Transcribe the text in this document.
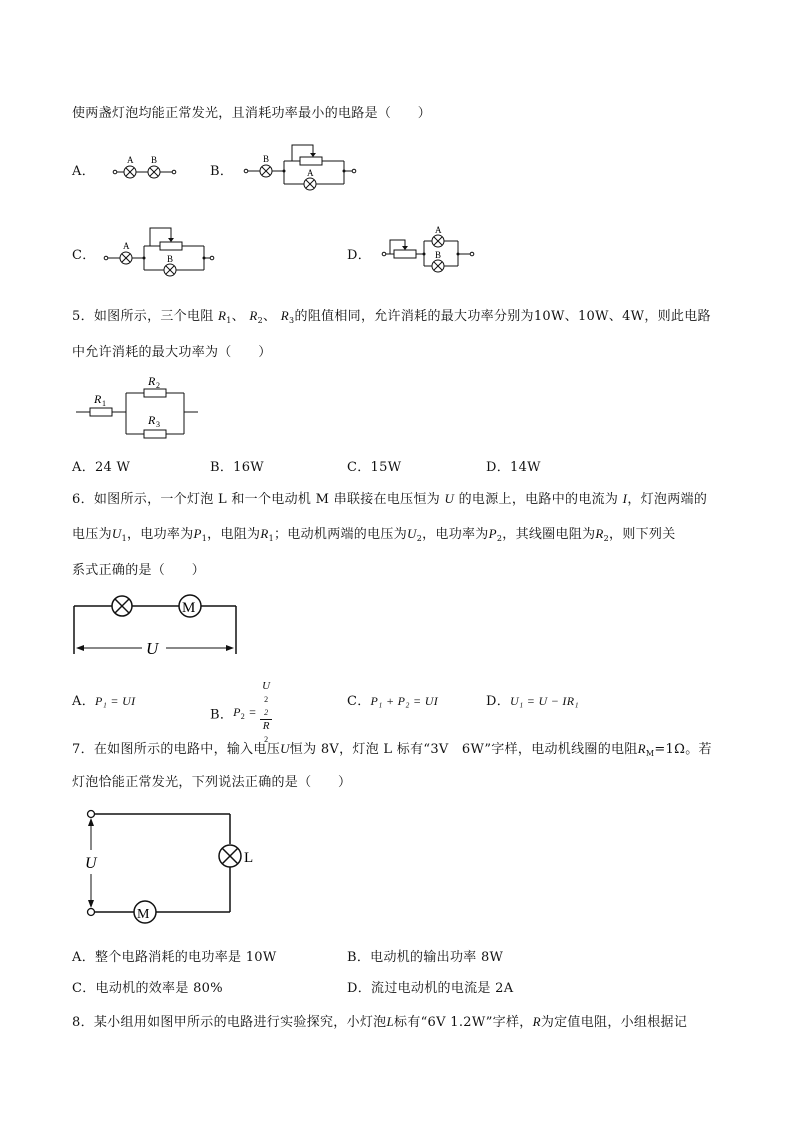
使两盏灯泡均能正常发光，且消耗功率最小的电路是（　　）
A．
A B
B．
B
A
C．
A
B	D．
A
B
5．如图所示，三个电阻 $R_1$、 $R_2$、 $R_3$的阻值相同，允许消耗的最大功率分别为10W、10W、4W，则此电路
中允许消耗的最大功率为（　　）
R 1
R 2
R 3
A．24 W	B．16W	C．15W	D．14W
6．如图所示，一个灯泡 L 和一个电动机 M 串联接在电压恒为 U 的电源上，电路中的电流为 I，灯泡两端的
电压为$U_1$，电功率为$P_1$，电阻为$R_1$；电动机两端的电压为$U_2$，电功率为$P_2$，其线圈电阻为$R_2$，则下列关
系式正确的是（　　）
M
U
A．P₁ = UI
B．$P_2 = U$
2
2
R
2	C．P₁ + P₂ = UI	D．U₁ = U − IR₁
7．在如图所示的电路中，输入电压U恒为 8V，灯泡 L 标有“3V　6W”字样，电动机线圈的电阻$R_M=1\Omega$。若
灯泡恰能正常发光，下列说法正确的是（　　）
L
M
U
A．整个电路消耗的电功率是 10W	B．电动机的输出功率 8W
C．电动机的效率是 80%	D．流过电动机的电流是 2A
8．某小组用如图甲所示的电路进行实验探究，小灯泡L标有“6V 1.2W”字样，R为定值电阻，小组根据记
